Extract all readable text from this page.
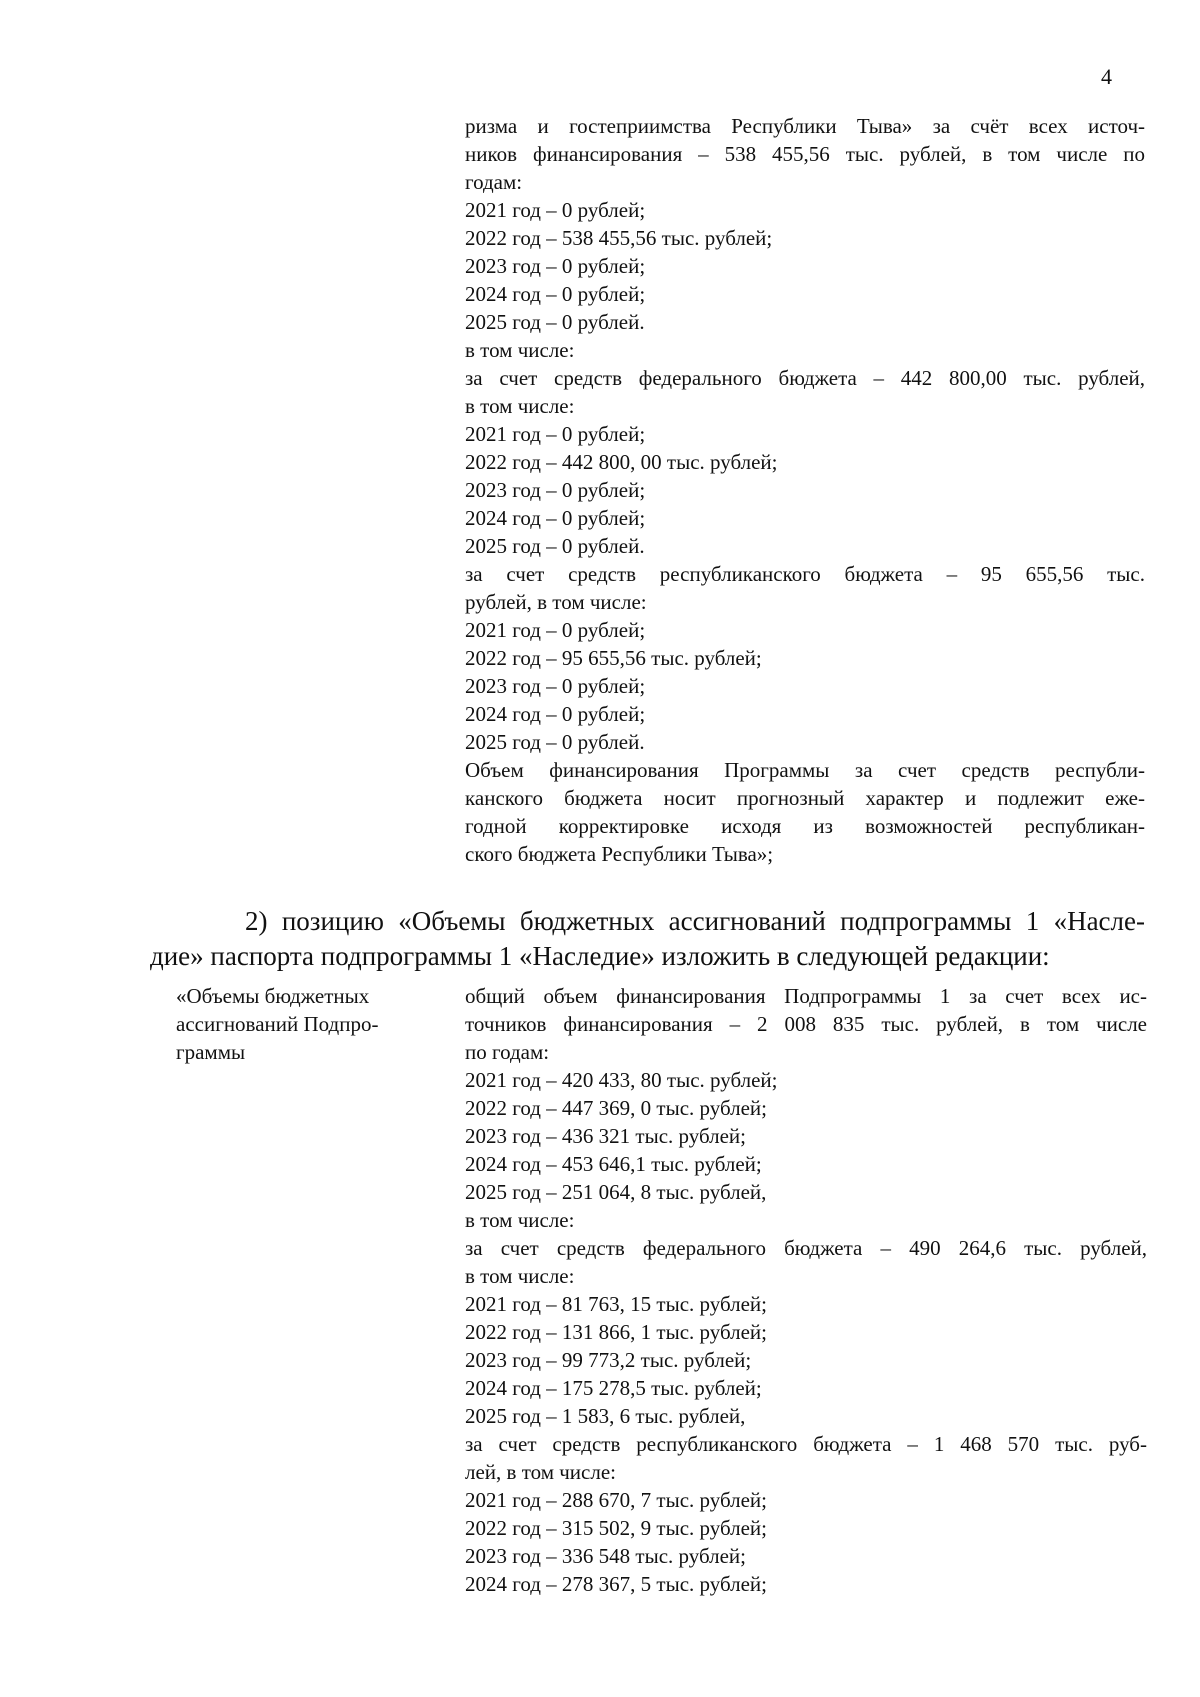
4
ризма и гостеприимства Республики Тыва» за счёт всех источ-
ников финансирования – 538 455,56 тыс. рублей, в том числе по
годам:
2021 год – 0 рублей;
2022 год – 538 455,56 тыс. рублей;
2023 год – 0 рублей;
2024 год – 0 рублей;
2025 год – 0 рублей.
в том числе:
за счет средств федерального бюджета – 442 800,00 тыс. рублей,
в том числе:
2021 год – 0 рублей;
2022 год – 442 800, 00 тыс. рублей;
2023 год – 0 рублей;
2024 год – 0 рублей;
2025 год – 0 рублей.
за счет средств республиканского бюджета – 95 655,56 тыс.
рублей, в том числе:
2021 год – 0 рублей;
2022 год – 95 655,56 тыс. рублей;
2023 год – 0 рублей;
2024 год – 0 рублей;
2025 год – 0 рублей.
Объем финансирования Программы за счет средств республи-
канского бюджета носит прогнозный характер и подлежит еже-
годной корректировке исходя из возможностей республикан-
ского бюджета Республики Тыва»;
2) позицию «Объемы бюджетных ассигнований подпрограммы 1 «Насле-
дие» паспорта подпрограммы 1 «Наследие» изложить в следующей редакции:
«Объемы бюджетных
ассигнований Подпро-
граммы
общий объем финансирования Подпрограммы 1 за счет всех ис-
точников финансирования – 2 008 835 тыс. рублей, в том числе
по годам:
2021 год – 420 433, 80 тыс. рублей;
2022 год – 447 369, 0 тыс. рублей;
2023 год – 436 321 тыс. рублей;
2024 год – 453 646,1 тыс. рублей;
2025 год – 251 064, 8 тыс. рублей,
в том числе:
за счет средств федерального бюджета – 490 264,6 тыс. рублей,
в том числе:
2021 год – 81 763, 15 тыс. рублей;
2022 год – 131 866, 1 тыс. рублей;
2023 год – 99 773,2 тыс. рублей;
2024 год – 175 278,5 тыс. рублей;
2025 год – 1 583, 6 тыс. рублей,
за счет средств республиканского бюджета – 1 468 570 тыс. руб-
лей, в том числе:
2021 год – 288 670, 7 тыс. рублей;
2022 год – 315 502, 9 тыс. рублей;
2023 год – 336 548 тыс. рублей;
2024 год – 278 367, 5 тыс. рублей;
